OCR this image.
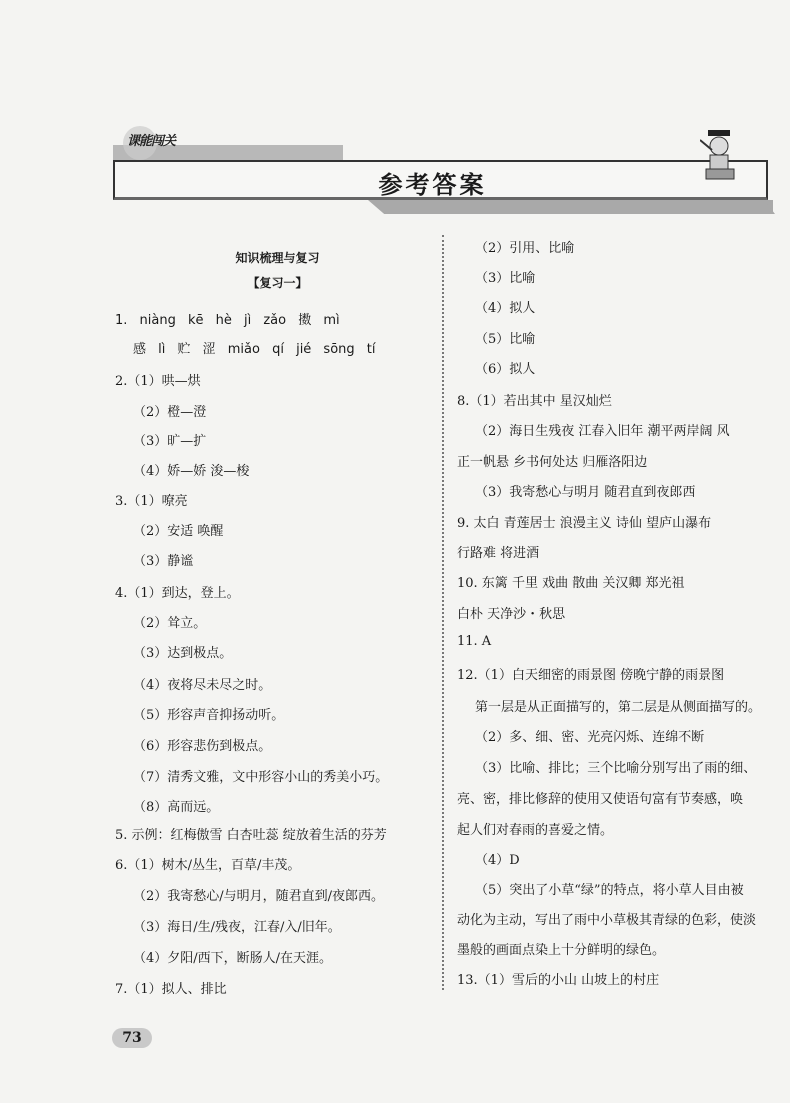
课能闯关
参考答案
知识梳理与复习
【复习一】
1. niàng kē hè jì zǎo 擞 mì
感 lì 贮 涩 miǎo qí jié sōng tí
2.（1）哄—烘
（2）橙—澄
（3）旷—扩
（4）娇—娇 浚—梭
3.（1）嘹亮
（2）安适 唤醒
（3）静谧
4.（1）到达，登上。
（2）耸立。
（3）达到极点。
（4）夜将尽未尽之时。
（5）形容声音抑扬动听。
（6）形容悲伤到极点。
（7）清秀文雅，文中形容小山的秀美小巧。
（8）高而远。
5. 示例：红梅傲雪 白杏吐蕊 绽放着生活的芬芳
6.（1）树木/丛生，百草/丰茂。
（2）我寄愁心/与明月，随君直到/夜郎西。
（3）海日/生/残夜，江春/入/旧年。
（4）夕阳/西下，断肠人/在天涯。
7.（1）拟人、排比
（2）引用、比喻
（3）比喻
（4）拟人
（5）比喻
（6）拟人
8.（1）若出其中 星汉灿烂
（2）海日生残夜 江春入旧年 潮平两岸阔 风
正一帆悬 乡书何处达 归雁洛阳边
（3）我寄愁心与明月 随君直到夜郎西
9. 太白 青莲居士 浪漫主义 诗仙 望庐山瀑布
行路难 将进酒
10. 东篱 千里 戏曲 散曲 关汉卿 郑光祖
白朴 天净沙・秋思
11. A
12.（1）白天细密的雨景图 傍晚宁静的雨景图
第一层是从正面描写的，第二层是从侧面描写的。
（2）多、细、密、光亮闪烁、连绵不断
（3）比喻、排比；三个比喻分别写出了雨的细、
亮、密，排比修辞的使用又使语句富有节奏感，唤
起人们对春雨的喜爱之情。
（4）D
（5）突出了小草“绿”的特点，将小草人目由被
动化为主动，写出了雨中小草极其青绿的色彩，使淡
墨般的画面点染上十分鲜明的绿色。
13.（1）雪后的小山 山坡上的村庄
73
